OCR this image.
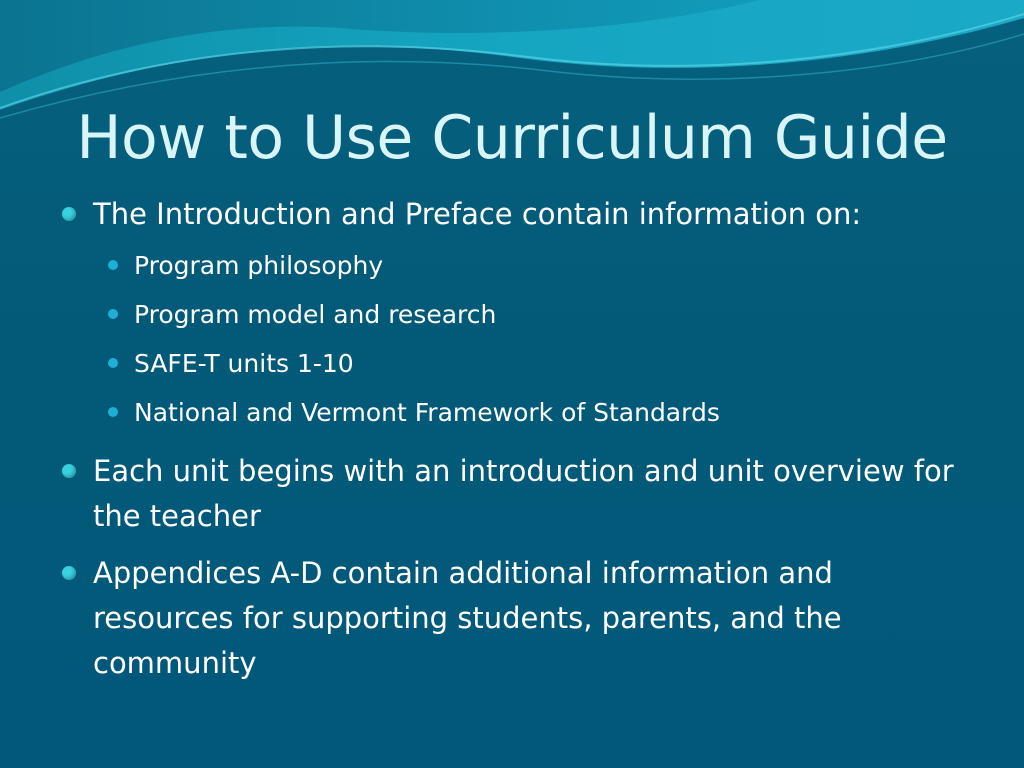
How to Use Curriculum Guide

The Introduction and Preface contain information on:

Program philosophy

Program model and research

SAFE-T units 1-10

National and Vermont Framework of Standards

Each unit begins with an introduction and unit overview for the teacher

Appendices A-D contain additional information and resources for supporting students, parents, and the community
